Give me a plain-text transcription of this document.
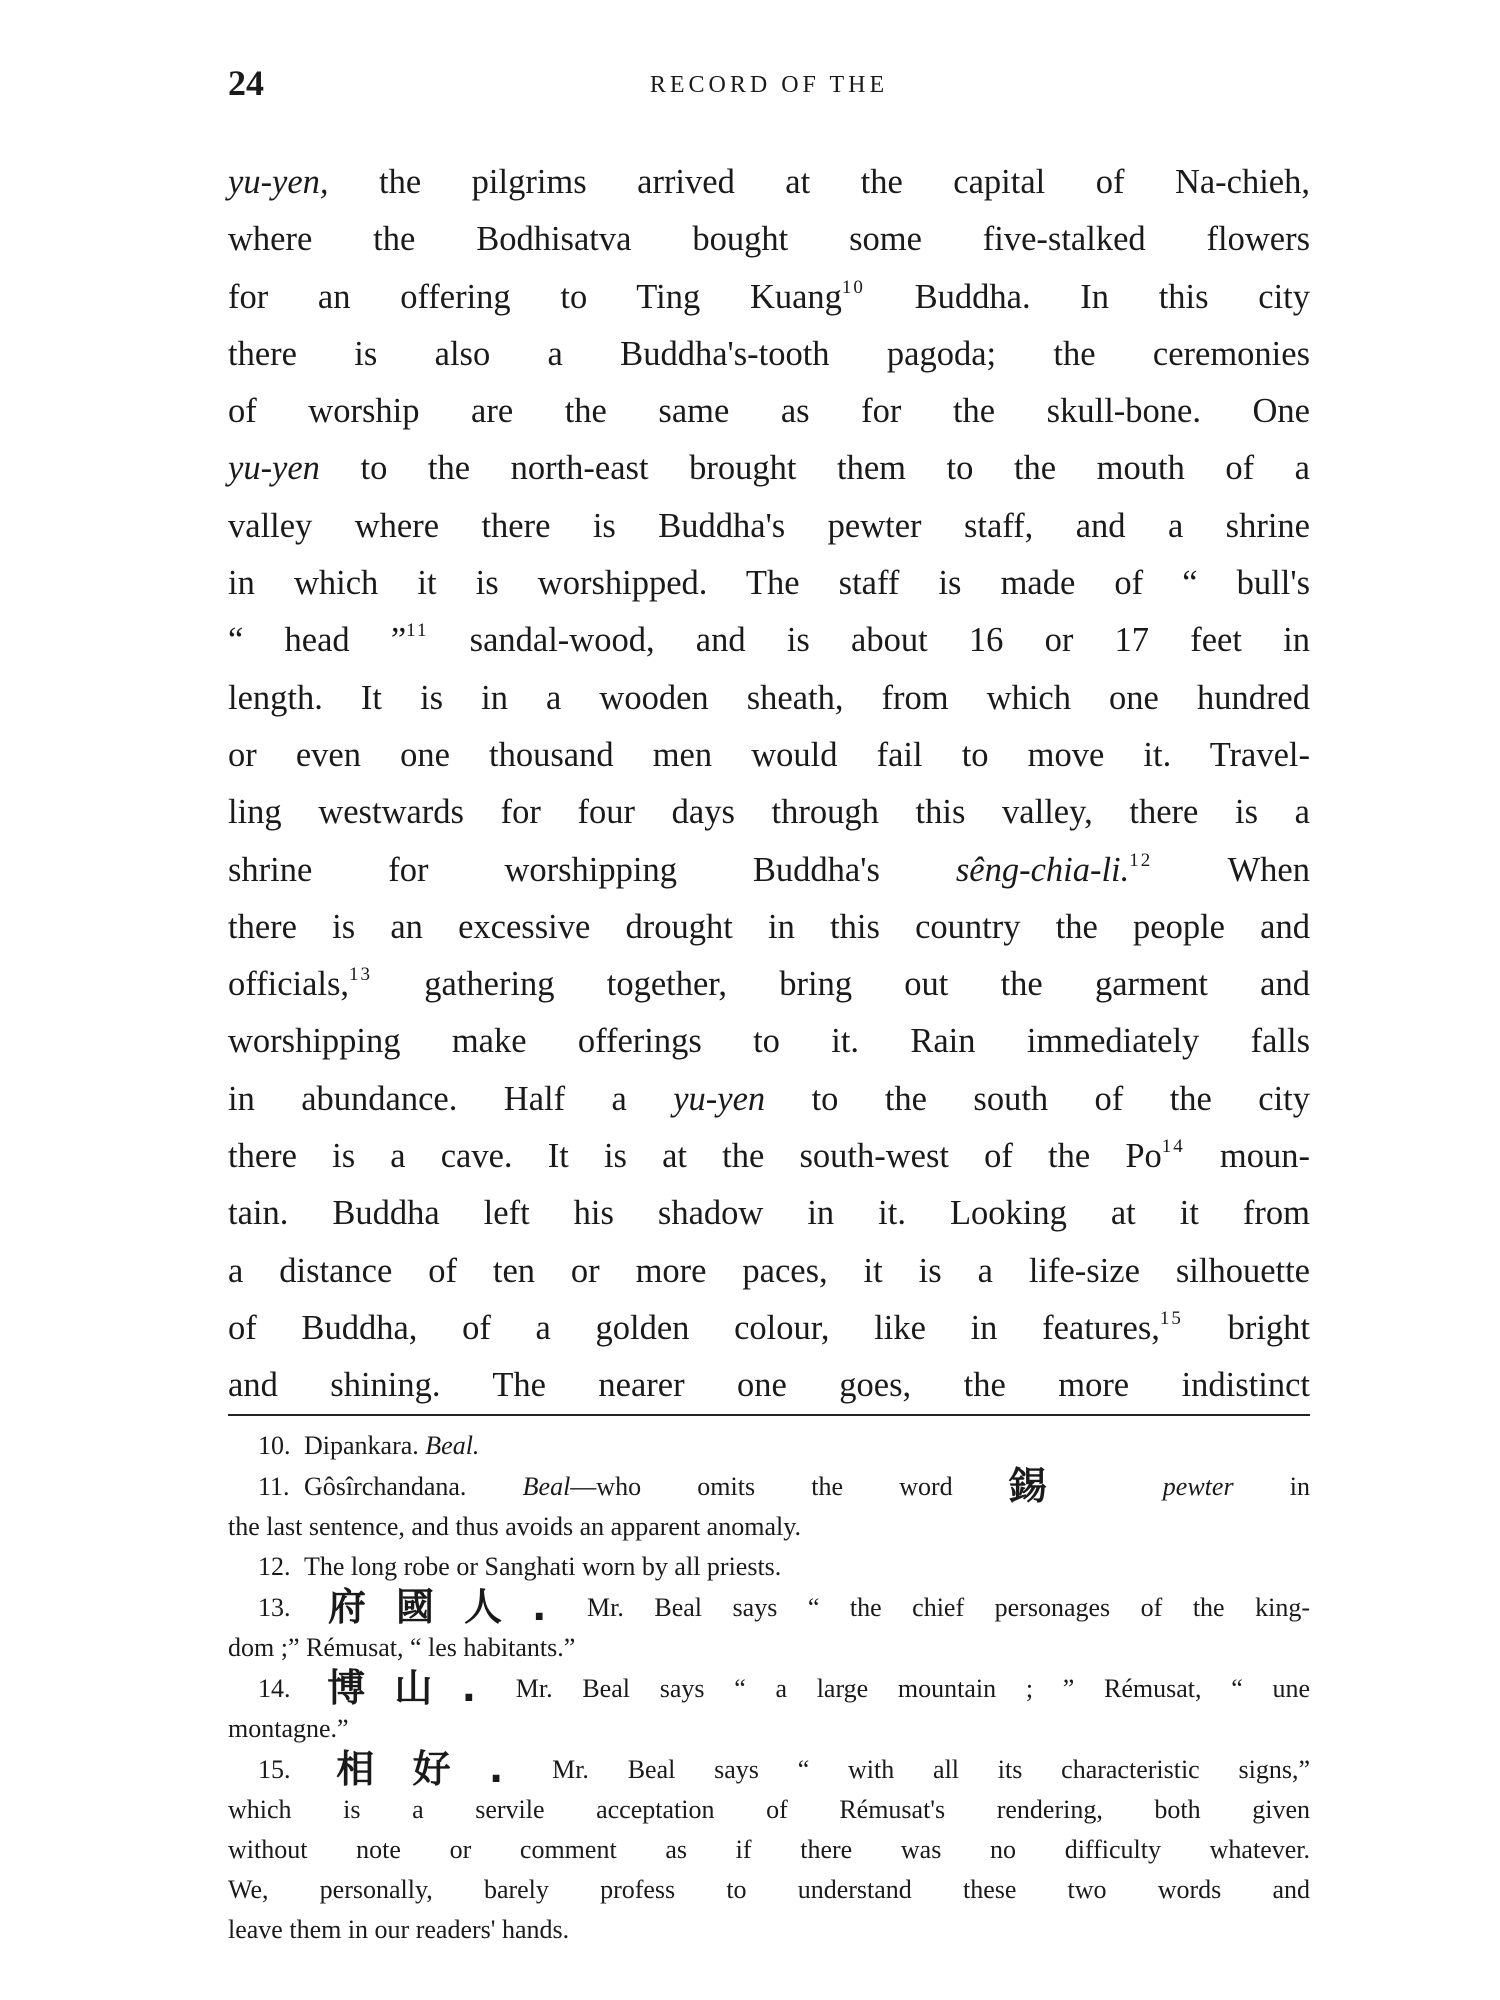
24	RECORD OF THE
yu-yen, the pilgrims arrived at the capital of Na-chieh,
where the Bodhisatva bought some five-stalked flowers
for an offering to Ting Kuang$^{10}$ Buddha. In this city
there is also a Buddha's-tooth pagoda; the ceremonies
of worship are the same as for the skull-bone. One
yu-yen to the north-east brought them to the mouth of a
valley where there is Buddha's pewter staff, and a shrine
in which it is worshipped. The staff is made of “ bull's
“ head ”$^{11}$ sandal-wood, and is about 16 or 17 feet in
length. It is in a wooden sheath, from which one hundred
or even one thousand men would fail to move it. Travel-
ling westwards for four days through this valley, there is a
shrine for worshipping Buddha's sêng-chia-li.$^{12}$ When
there is an excessive drought in this country the people and
officials,$^{13}$ gathering together, bring out the garment and
worshipping make offerings to it. Rain immediately falls
in abundance. Half a yu-yen to the south of the city
there is a cave. It is at the south-west of the Po$^{14}$ moun-
tain. Buddha left his shadow in it. Looking at it from
a distance of ten or more paces, it is a life-size silhouette
of Buddha, of a golden colour, like in features,$^{15}$ bright
and shining. The nearer one goes, the more indistinct
10. Dipankara. Beal.
11. Gôsîrchandana. Beal—who omits the word 錫 pewter in
the last sentence, and thus avoids an apparent anomaly.
12. The long robe or Sanghati worn by all priests.
13. 府國人. Mr. Beal says “ the chief personages of the king-
dom ;” Rémusat, “ les habitants.”
14. 博山. Mr. Beal says “ a large mountain ; ” Rémusat, “ une
montagne.”
15. 相好. Mr. Beal says “ with all its characteristic signs,”
which is a servile acceptation of Rémusat's rendering, both given
without note or comment as if there was no difficulty whatever.
We, personally, barely profess to understand these two words and
leave them in our readers' hands.
